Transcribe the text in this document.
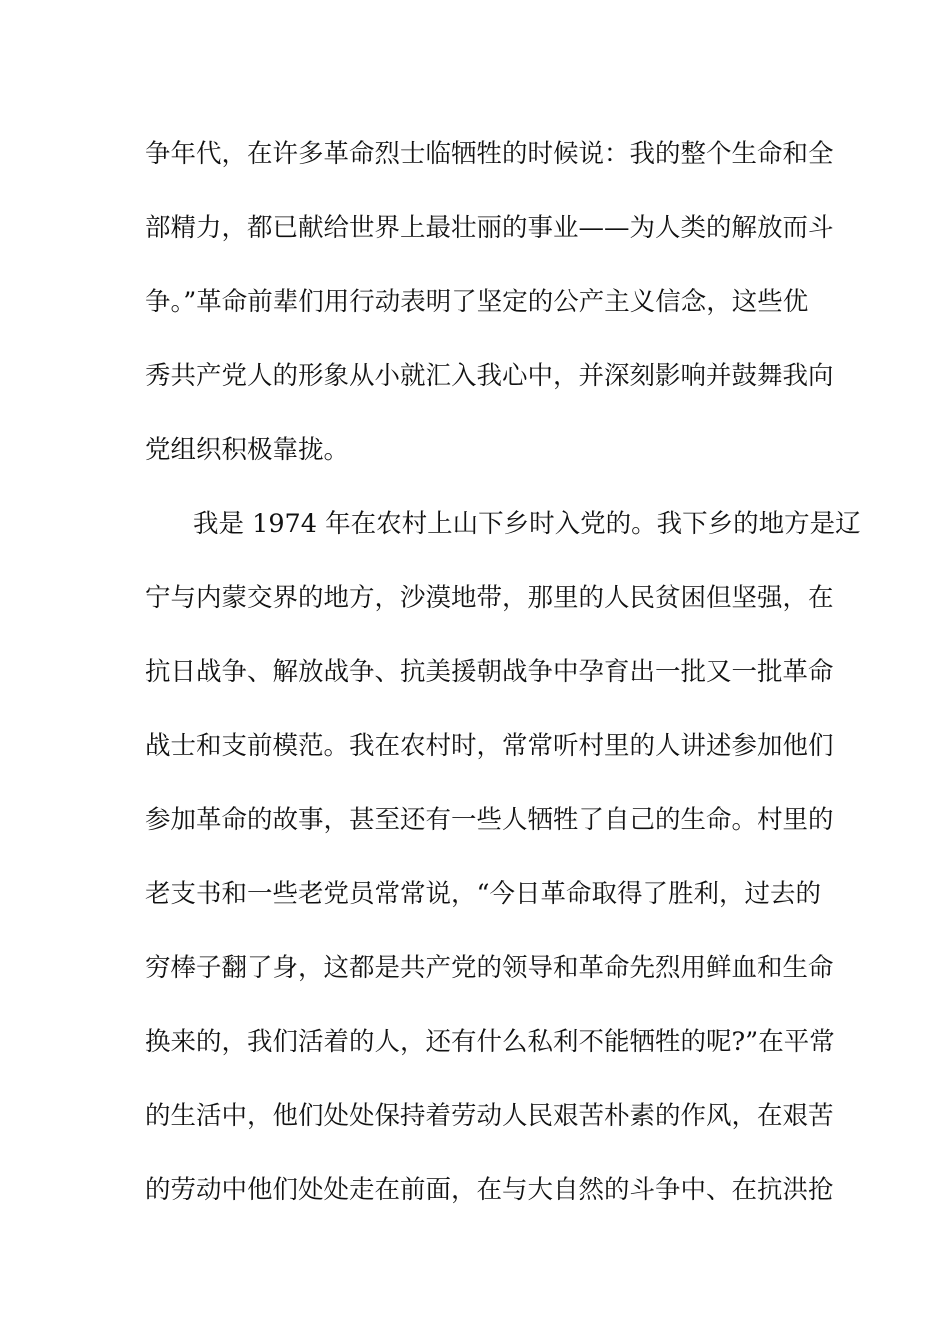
争年代，在许多革命烈士临牺牲的时候说：我的整个生命和全
部精力，都已献给世界上最壮丽的事业——为人类的解放而斗
争。”革命前辈们用行动表明了坚定的公产主义信念，这些优
秀共产党人的形象从小就汇入我心中，并深刻影响并鼓舞我向
党组织积极靠拢。
我是 1974 年在农村上山下乡时入党的。我下乡的地方是辽
宁与内蒙交界的地方，沙漠地带，那里的人民贫困但坚强，在
抗日战争、解放战争、抗美援朝战争中孕育出一批又一批革命
战士和支前模范。我在农村时，常常听村里的人讲述参加他们
参加革命的故事，甚至还有一些人牺牲了自己的生命。村里的
老支书和一些老党员常常说，“今日革命取得了胜利，过去的
穷棒子翻了身，这都是共产党的领导和革命先烈用鲜血和生命
换来的，我们活着的人，还有什么私利不能牺牲的呢?”在平常
的生活中，他们处处保持着劳动人民艰苦朴素的作风，在艰苦
的劳动中他们处处走在前面，在与大自然的斗争中、在抗洪抢
